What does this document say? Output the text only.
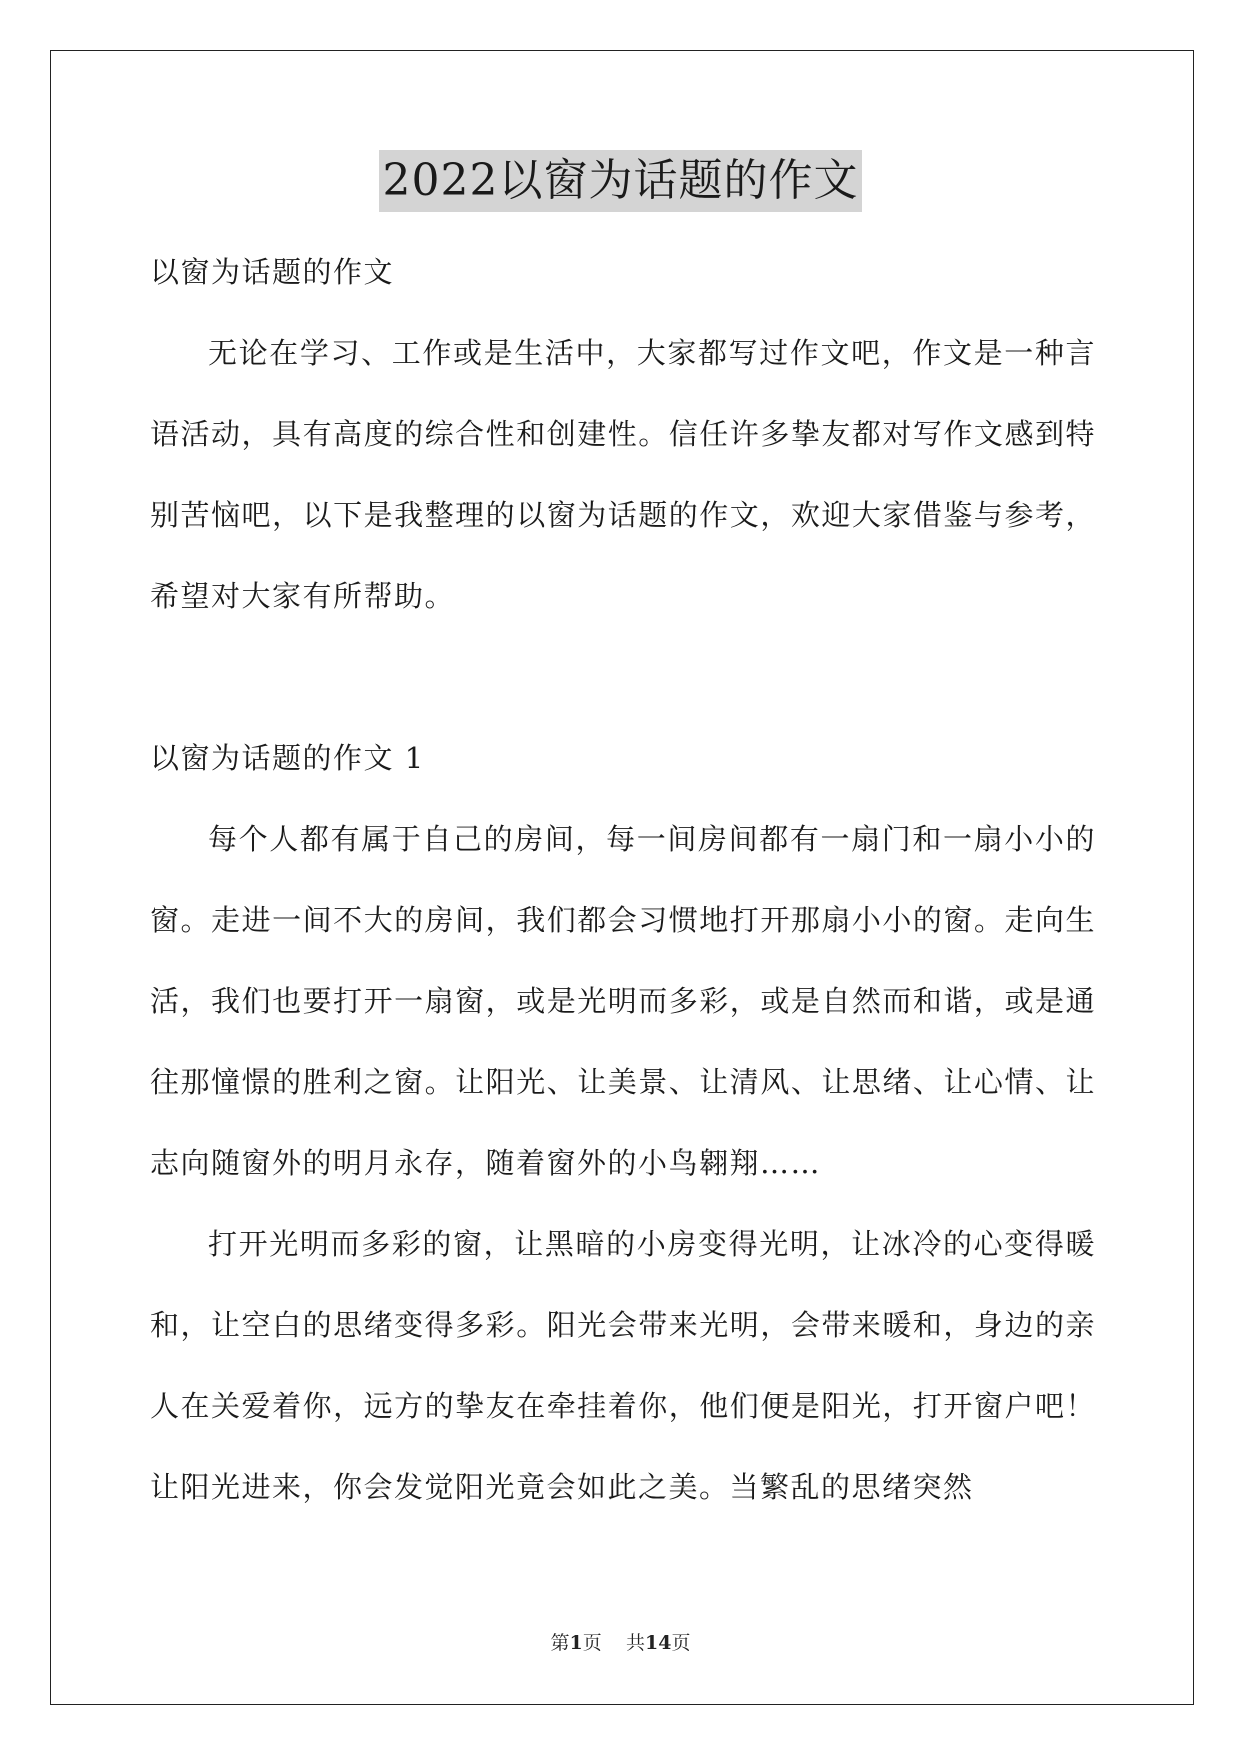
2022以窗为话题的作文

以窗为话题的作文

无论在学习、工作或是生活中，大家都写过作文吧，作文是一种言语活动，具有高度的综合性和创建性。信任许多挚友都对写作文感到特别苦恼吧，以下是我整理的以窗为话题的作文，欢迎大家借鉴与参考，希望对大家有所帮助。

以窗为话题的作文 1

每个人都有属于自己的房间，每一间房间都有一扇门和一扇小小的窗。走进一间不大的房间，我们都会习惯地打开那扇小小的窗。走向生活，我们也要打开一扇窗，或是光明而多彩，或是自然而和谐，或是通往那憧憬的胜利之窗。让阳光、让美景、让清风、让思绪、让心情、让志向随窗外的明月永存，随着窗外的小鸟翱翔……

打开光明而多彩的窗，让黑暗的小房变得光明，让冰冷的心变得暖和，让空白的思绪变得多彩。阳光会带来光明，会带来暖和，身边的亲人在关爱着你，远方的挚友在牵挂着你，他们便是阳光，打开窗户吧！让阳光进来，你会发觉阳光竟会如此之美。当繁乱的思绪突然

第1页 共14页
